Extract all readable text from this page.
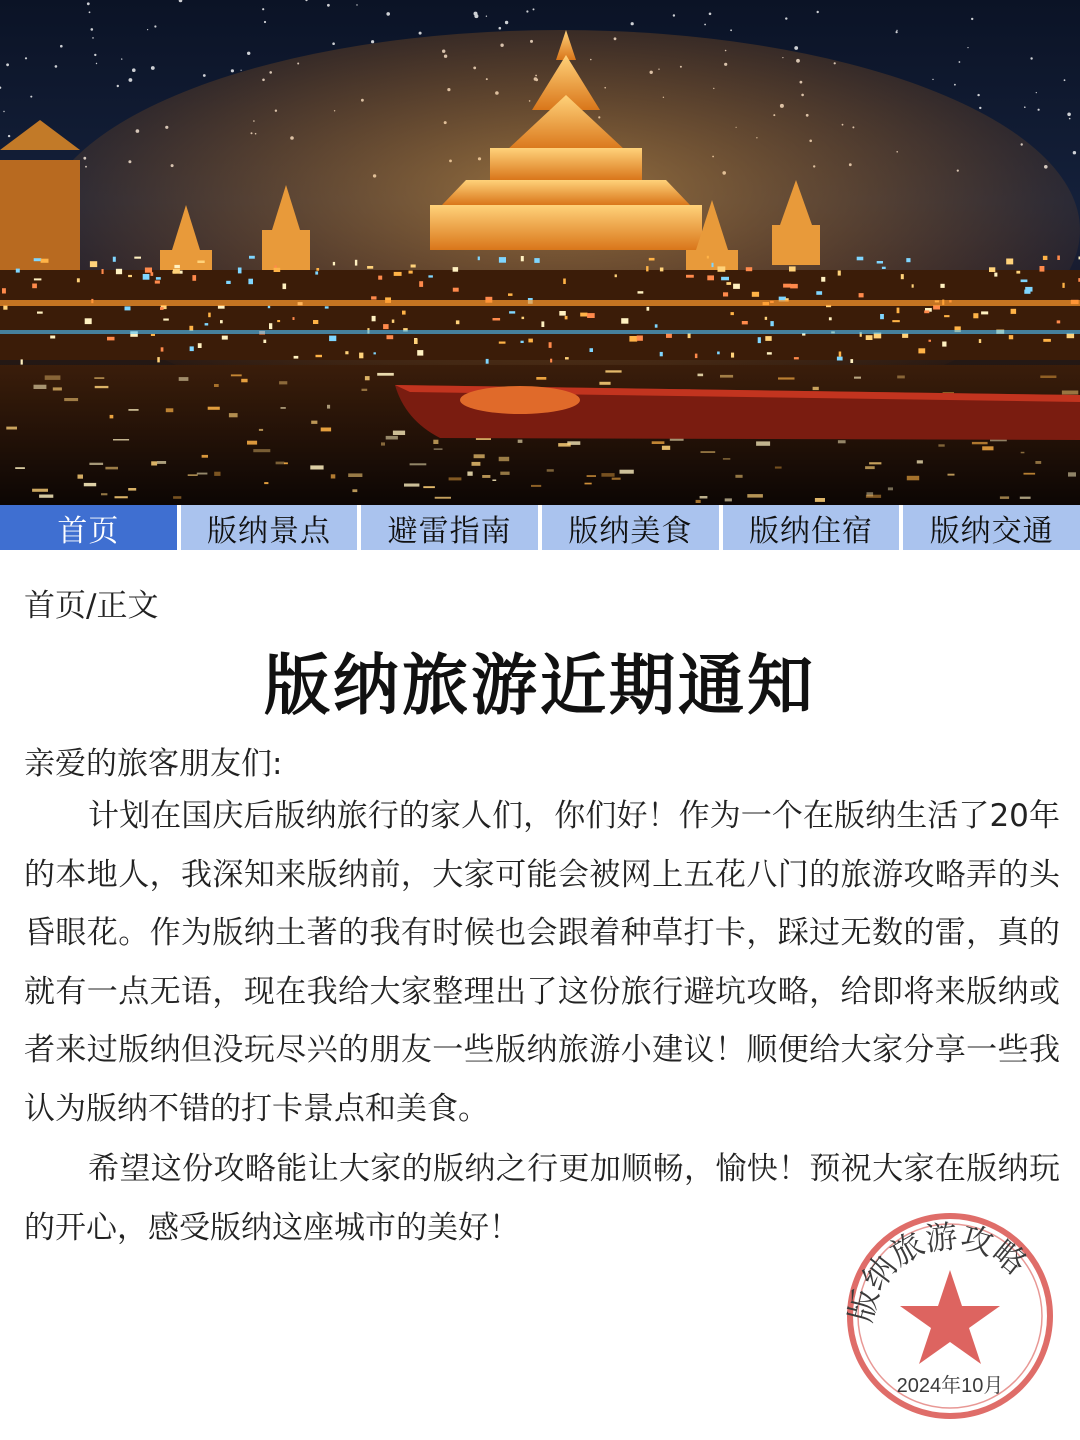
首页	版纳景点	避雷指南	版纳美食	版纳住宿	版纳交通
首页/正文
版纳旅游近期通知
亲爱的旅客朋友们:

计划在国庆后版纳旅行的家人们，你们好！作为一个在版纳生活了20年的本地人，我深知来版纳前，大家可能会被网上五花八门的旅游攻略弄的头昏眼花。作为版纳土著的我有时候也会跟着种草打卡，踩过无数的雷，真的就有一点无语，现在我给大家整理出了这份旅行避坑攻略，给即将来版纳或者来过版纳但没玩尽兴的朋友一些版纳旅游小建议！顺便给大家分享一些我认为版纳不错的打卡景点和美食。

希望这份攻略能让大家的版纳之行更加顺畅，愉快！预祝大家在版纳玩的开心，感受版纳这座城市的美好！

版纳旅游攻略
2024年10月
